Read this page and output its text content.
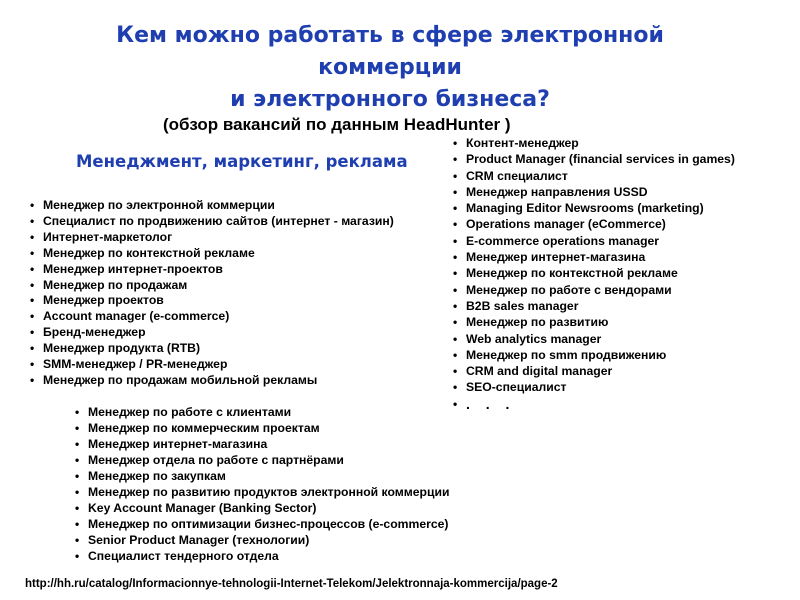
Кем можно работать в сфере электронной
коммерции
и электронного бизнеса?
(обзор вакансий по данным HeadHunter )
Менеджмент, маркетинг, реклама
• Менеджер по электронной коммерции
• Специалист по продвижению сайтов (интернет - магазин)
• Интернет-маркетолог
• Менеджер по контекстной рекламе
• Менеджер интернет-проектов
• Менеджер по продажам
• Менеджер проектов
• Account manager (e-commerce)
• Бренд-менеджер
• Менеджер продукта (RTB)
• SMM-менеджер / PR-менеджер
• Менеджер по продажам мобильной рекламы
• Менеджер по работе с клиентами
• Менеджер по коммерческим проектам
• Менеджер интернет-магазина
• Менеджер отдела по работе с партнёрами
• Менеджер по закупкам
• Менеджер по развитию продуктов электронной коммерции
• Key Account Manager (Banking Sector)
• Менеджер по оптимизации бизнес-процессов (e-commerce)
• Senior Product Manager (технологии)
• Специалист тендерного отдела
• Контент-менеджер
• Product Manager (financial services in games)
• CRM специалист
• Менеджер направления USSD
• Managing Editor Newsrooms (marketing)
• Operations manager (eCommerce)
• E-commerce operations manager
• Менеджер интернет-магазина
• Менеджер по контекстной рекламе
• Менеджер по работе с вендорами
• B2B sales manager
• Менеджер по развитию
• Web analytics manager
• Менеджер по smm продвижению
• CRM and digital manager
• SEO-специалист
• . . .
http://hh.ru/catalog/Informacionnye-tehnologii-Internet-Telekom/Jelektronnaja-kommercija/page-2
